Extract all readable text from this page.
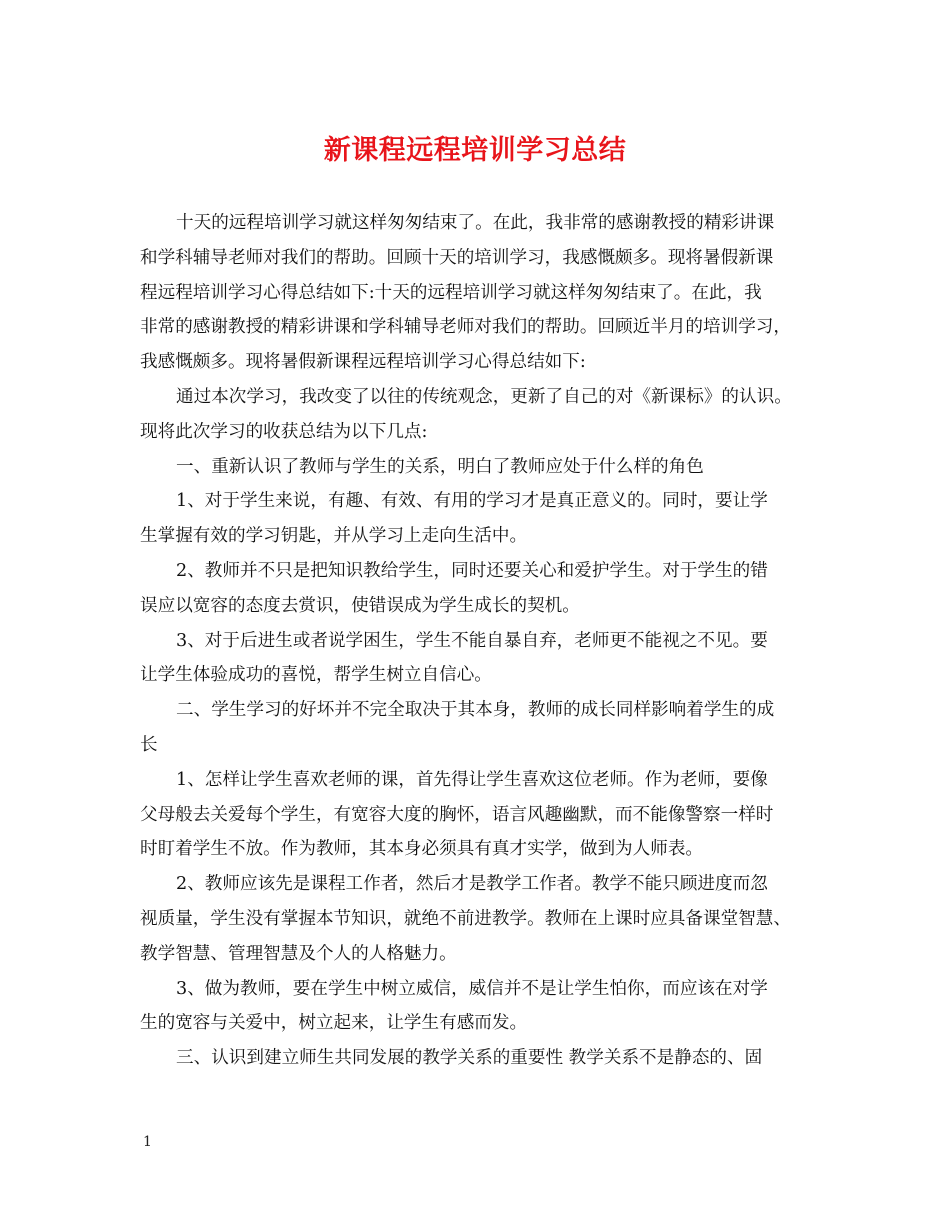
新课程远程培训学习总结
十天的远程培训学习就这样匆匆结束了。在此，我非常的感谢教授的精彩讲课
和学科辅导老师对我们的帮助。回顾十天的培训学习，我感慨颇多。现将暑假新课
程远程培训学习心得总结如下:十天的远程培训学习就这样匆匆结束了。在此，我
非常的感谢教授的精彩讲课和学科辅导老师对我们的帮助。回顾近半月的培训学习，
我感慨颇多。现将暑假新课程远程培训学习心得总结如下:
通过本次学习，我改变了以往的传统观念，更新了自己的对《新课标》的认识。
现将此次学习的收获总结为以下几点:
一、重新认识了教师与学生的关系，明白了教师应处于什么样的角色
1、对于学生来说，有趣、有效、有用的学习才是真正意义的。同时，要让学
生掌握有效的学习钥匙，并从学习上走向生活中。
2、教师并不只是把知识教给学生，同时还要关心和爱护学生。对于学生的错
误应以宽容的态度去赏识，使错误成为学生成长的契机。
3、对于后进生或者说学困生，学生不能自暴自弃，老师更不能视之不见。要
让学生体验成功的喜悦，帮学生树立自信心。
二、学生学习的好坏并不完全取决于其本身，教师的成长同样影响着学生的成
长
1、怎样让学生喜欢老师的课，首先得让学生喜欢这位老师。作为老师，要像
父母般去关爱每个学生，有宽容大度的胸怀，语言风趣幽默，而不能像警察一样时
时盯着学生不放。作为教师，其本身必须具有真才实学，做到为人师表。
2、教师应该先是课程工作者，然后才是教学工作者。教学不能只顾进度而忽
视质量，学生没有掌握本节知识，就绝不前进教学。教师在上课时应具备课堂智慧、
教学智慧、管理智慧及个人的人格魅力。
3、做为教师，要在学生中树立威信，威信并不是让学生怕你，而应该在对学
生的宽容与关爱中，树立起来，让学生有感而发。
三、认识到建立师生共同发展的教学关系的重要性 教学关系不是静态的、固
1
